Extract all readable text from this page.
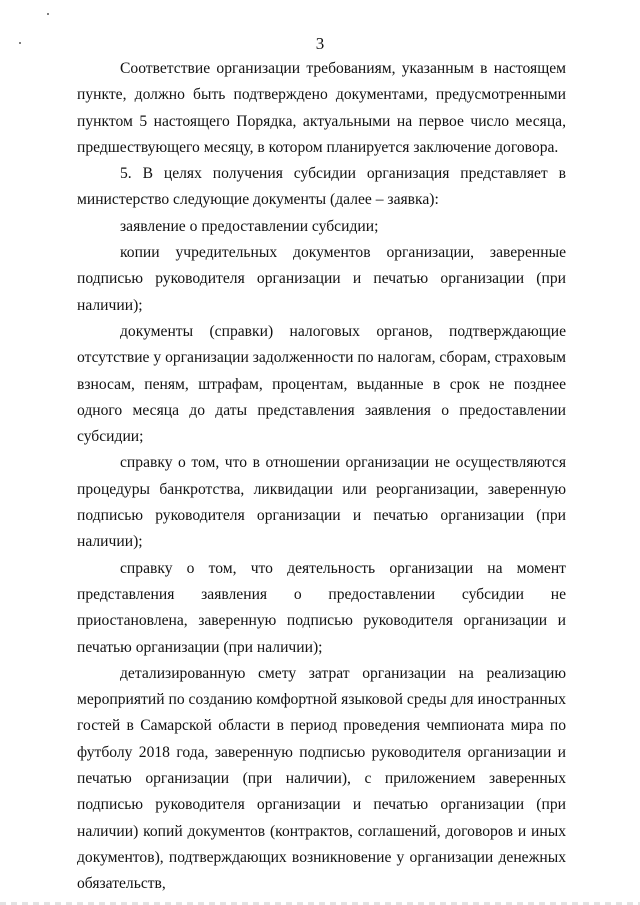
3

Соответствие организации требованиям, указанным в настоящем пункте, должно быть подтверждено документами, предусмотренными пунктом 5 настоящего Порядка, актуальными на первое число месяца, предшествующего месяцу, в котором планируется заключение договора.

5. В целях получения субсидии организация представляет в министерство следующие документы (далее – заявка):

заявление о предоставлении субсидии;

копии учредительных документов организации, заверенные подписью руководителя организации и печатью организации (при наличии);

документы (справки) налоговых органов, подтверждающие отсутствие у организации задолженности по налогам, сборам, страховым взносам, пеням, штрафам, процентам, выданные в срок не позднее одного месяца до даты представления заявления о предоставлении субсидии;

справку о том, что в отношении организации не осуществляются процедуры банкротства, ликвидации или реорганизации, заверенную подписью руководителя организации и печатью организации (при наличии);

справку о том, что деятельность организации на момент представления заявления о предоставлении субсидии не приостановлена, заверенную подписью руководителя организации и печатью организации (при наличии);

детализированную смету затрат организации на реализацию мероприятий по созданию комфортной языковой среды для иностранных гостей в Самарской области в период проведения чемпионата мира по футболу 2018 года, заверенную подписью руководителя организации и печатью организации (при наличии), с приложением заверенных подписью руководителя организации и печатью организации (при наличии) копий документов (контрактов, соглашений, договоров и иных документов), подтверждающих возникновение у организации денежных обязательств,
